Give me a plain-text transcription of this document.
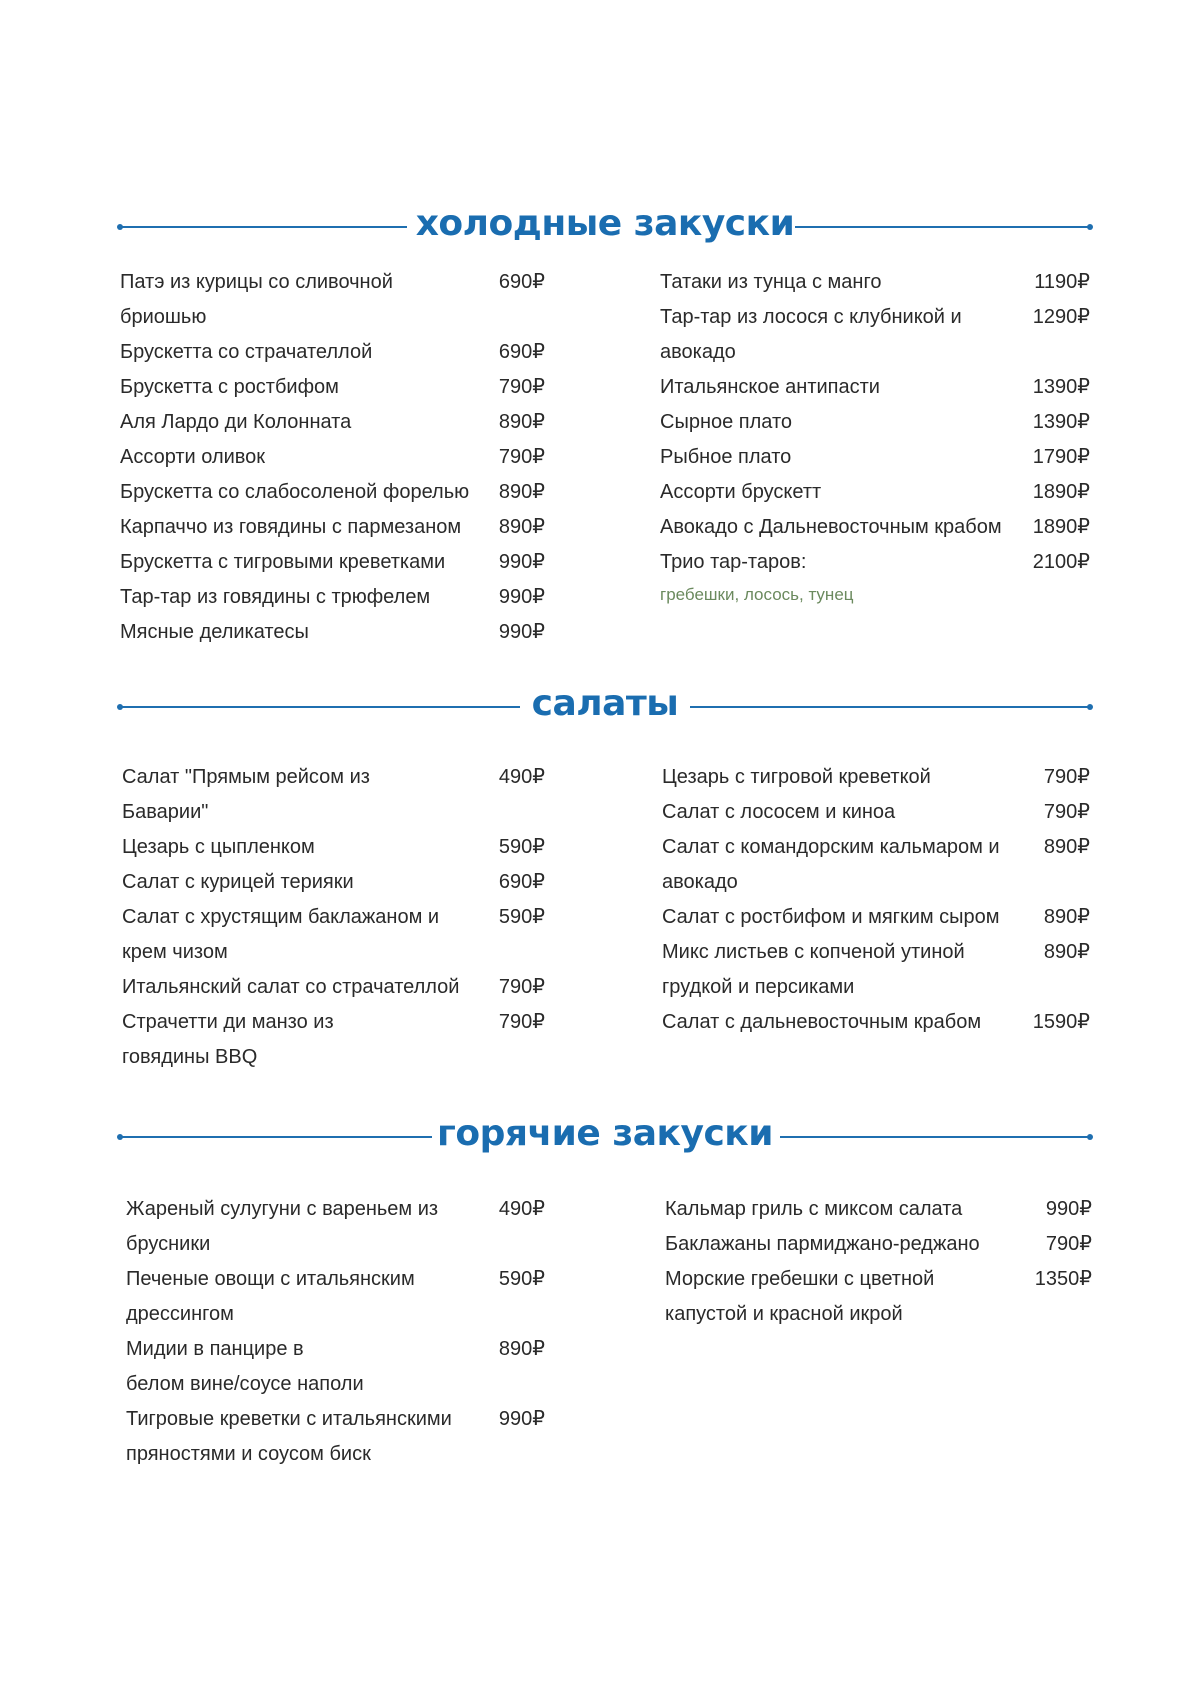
холодные закуски
Патэ из курицы со сливочной
бриошью
690₽
Брускетта со страчателлой	690₽
Брускетта с ростбифом	790₽
Аля Лардо ди Колонната	890₽
Ассорти оливок	790₽
Брускетта со слабосоленой форелью	890₽
Карпаччо из говядины с пармезаном	890₽
Брускетта с тигровыми креветками	990₽
Тар-тар из говядины с трюфелем	990₽
Мясные деликатесы	990₽
Татаки из тунца с манго	1190₽
Тар-тар из лосося с клубникой и
авокадо
1290₽
Итальянское антипасти	1390₽
Сырное плато	1390₽
Рыбное плато	1790₽
Ассорти брускетт	1890₽
Авокадо с Дальневосточным крабом	1890₽
Трио тар-таров:
гребешки, лосось, тунец
2100₽
салаты
Салат "Прямым рейсом из
Баварии"
490₽
Цезарь с цыпленком	590₽
Салат с курицей терияки	690₽
Салат с хрустящим баклажаном и
крем чизом
590₽
Итальянский салат со страчателлой	790₽
Страчетти ди манзо из
говядины BBQ
790₽
Цезарь с тигровой креветкой	790₽
Салат с лососем и киноа	790₽
Салат с командорским кальмаром и
авокадо
890₽
Салат с ростбифом и мягким сыром	890₽
Микс листьев с копченой утиной
грудкой и персиками
890₽
Салат с дальневосточным крабом	1590₽
горячие закуски
Жареный сулугуни с вареньем из
брусники
490₽
Печеные овощи с итальянским
дрессингом
590₽
Мидии в панцире в
белом вине/соусе наполи
890₽
Тигровые креветки с итальянскими
пряностями и соусом биск
990₽
Кальмар гриль с миксом салата	990₽
Баклажаны пармиджано-реджано	790₽
Морские гребешки с цветной
капустой и красной икрой
1350₽
